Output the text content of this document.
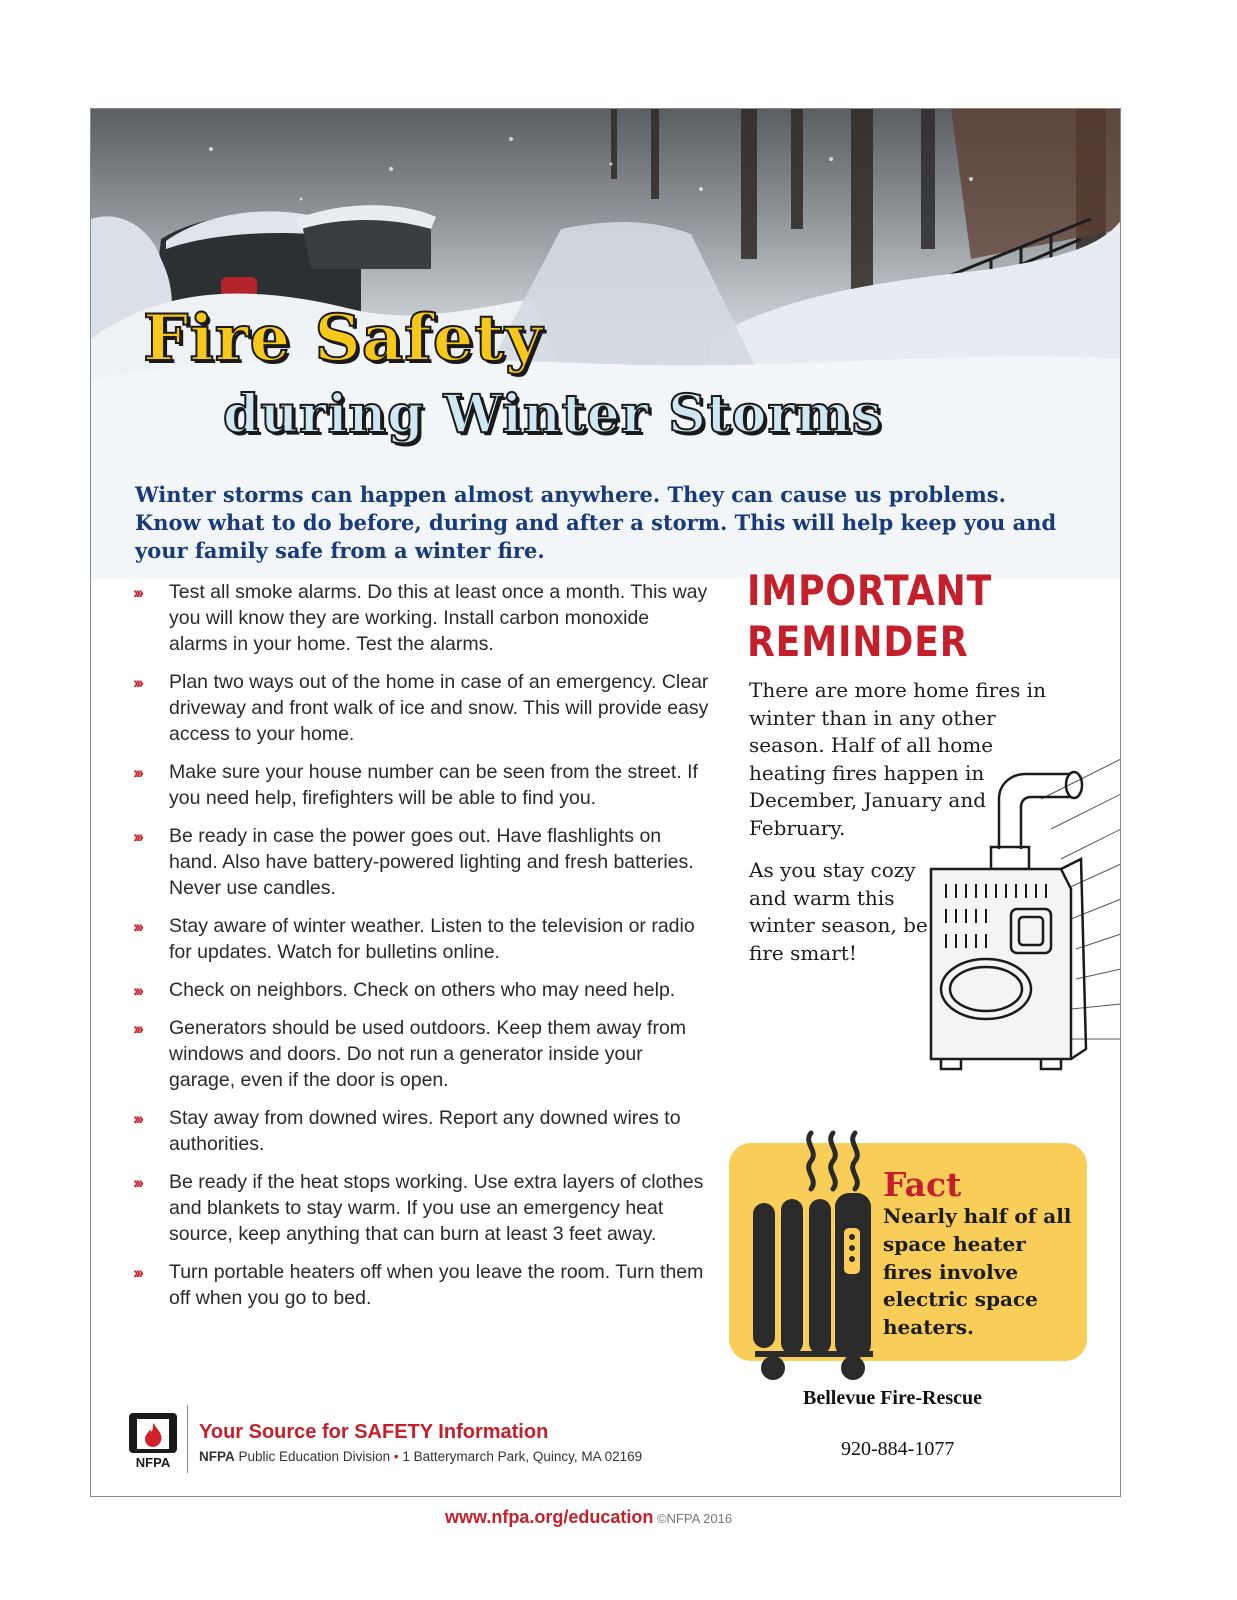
Fire Safety
during Winter Storms

Winter storms can happen almost anywhere. They can cause us problems. Know what to do before, during and after a storm. This will help keep you and your family safe from a winter fire.

››› Test all smoke alarms. Do this at least once a month. This way you will know they are working. Install carbon monoxide alarms in your home. Test the alarms.
››› Plan two ways out of the home in case of an emergency. Clear driveway and front walk of ice and snow. This will provide easy access to your home.
››› Make sure your house number can be seen from the street. If you need help, firefighters will be able to find you.
››› Be ready in case the power goes out. Have flashlights on hand. Also have battery-powered lighting and fresh batteries. Never use candles.
››› Stay aware of winter weather. Listen to the television or radio for updates. Watch for bulletins online.
››› Check on neighbors. Check on others who may need help.
››› Generators should be used outdoors. Keep them away from windows and doors. Do not run a generator inside your garage, even if the door is open.
››› Stay away from downed wires. Report any downed wires to authorities.
››› Be ready if the heat stops working. Use extra layers of clothes and blankets to stay warm. If you use an emergency heat source, keep anything that can burn at least 3 feet away.
››› Turn portable heaters off when you leave the room. Turn them off when you go to bed.
IMPORTANT
REMINDER

There are more home fires in winter than in any other season. Half of all home heating fires happen in December, January and February.

As you stay cozy and warm this winter season, be fire smart!

Fact

Nearly half of all space heater fires involve electric space heaters.

Bellevue Fire-Rescue

920-884-1077

NFPA

Your Source for SAFETY Information

NFPA Public Education Division • 1 Batterymarch Park, Quincy, MA 02169

www.nfpa.org/education ©NFPA 2016
